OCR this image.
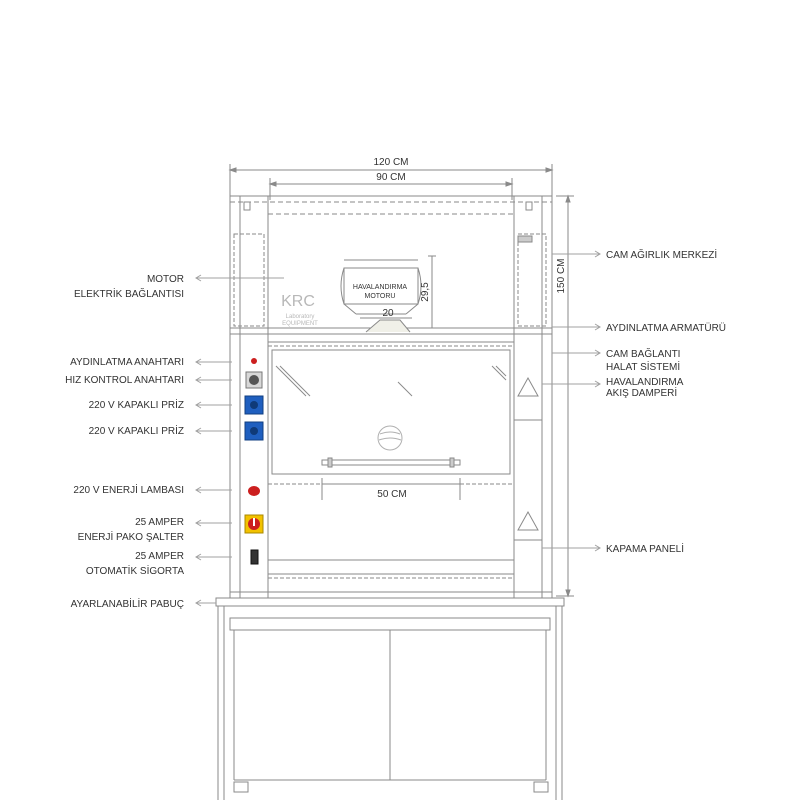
120 CM
90 CM
150 CM
29,5
20
50 CM
HAVALANDIRMA
MOTORU
KRC
Laboratory
EQUIPMENT
MOTOR
ELEKTRİK BAĞLANTISI
AYDINLATMA ANAHTARI
HIZ KONTROL ANAHTARI
220 V KAPAKLI PRİZ
220 V KAPAKLI PRİZ
220 V ENERJİ LAMBASI
25 AMPER
ENERJİ PAKO ŞALTER
25 AMPER
OTOMATİK SİGORTA
AYARLANABİLİR PABUÇ
CAM AĞIRLIK MERKEZİ
AYDINLATMA ARMATÜRÜ
CAM BAĞLANTI
HALAT SİSTEMİ
HAVALANDIRMA
AKIŞ DAMPERİ
KAPAMA PANELİ
